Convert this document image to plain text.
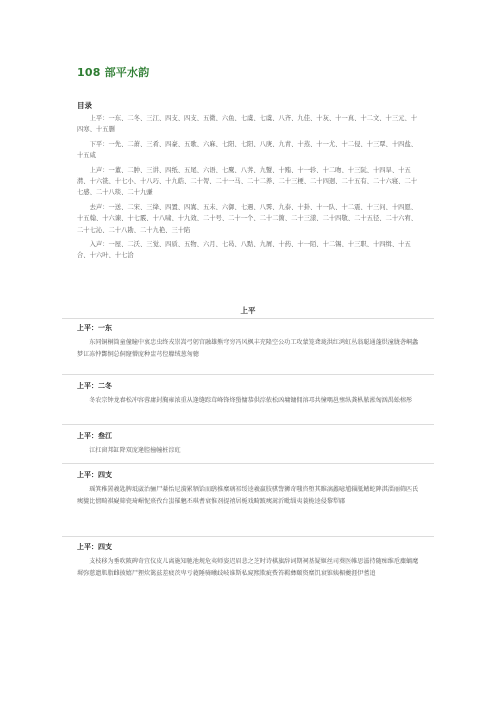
108 部平水韵
目录

上平：一东、二冬、三江、四支、四支、五微、六鱼、七虞、七虞、八齐、九佳、十灰、十一真、十二文、十三元、十四寒、十五删

下平：一先、二萧、三肴、四豪、五歌、六麻、七阳、七阳、八庚、九青、十蒸、十一尤、十二侵、十三覃、十四盐、十五咸

上声：一董、二肿、三讲、四纸、五尾、六语、七麌、八荠、九蟹、十贿、十一轸、十二吻、十三阮、十四旱、十五潸、十六铣、十七小、十八巧、十九皓、二十哿、二十一马、二十二养、二十三梗、二十四迥、二十五有、二十六寝、二十七感、二十八琰、二十九豏

去声：一送、二宋、三绛、四置、四寘、五未、六御、七遇、八霁、九泰、十卦、十一队、十二震、十三问、十四愿、十五翰、十六谏、十七霰、十八啸、十九效、二十号、二十一个、二十二箇、二十三漾、二十四敬、二十五径、二十六宥、二十七沁、二十八勘、二十九艳、三十陷

入声：一屋、二沃、三觉、四质、五物、六月、七曷、八黠、九屑、十药、十一陌、十二锡、十三职、十四缉、十五合、十六叶、十七洽

上平
上平：一东
东同铜桐筒童僮瞳中衷忠虫终戎崇嵩弓躬宫融雄熊穹穷冯风枫丰充隆空公功工攻蒙笼聋珑洪红鸿虹丛翁聪通蓬烘潼胧砻峒螽梦讧冻忡酆恫总侗窿懵庞种盅芎倥艨绒葱匆骢
上平：二冬
冬农宗钟龙舂松冲容蓉庸封胸雍浓重从逢缝踪茸峰锋烽蛩慵恭供淙侬松凶墉镛佣溶邛共憧喁邕壅纵龚枞脓淞匈汹禺蚣榕彤
上平：叁江
江扛窗邦缸降双庞逄腔撞幢桩淙豇
上平：四支
瑶箕稚罴羲匙脾坻崴治骊尸綦怡尼漪累牺饴而鸱推糜璃祁绥逵羲羸肢骐訾狮奇嗤咨堕其睢漓蠡噫馗辎胝鳍蛇陴淇淄丽筛匹氏痍貔比僖畸祺嶷筛瓷琦嵋怩熹孜台蚩罹魑丕琪耆衰惟剂提禧居栀戏畸跛痍蓠沂毗缁夷蓑桅逵侵黎犁郿
上平：四支
支枝移为垂吹陂碑奇宜仪皮儿离施知驰池规危夷师姿迟眉悲之芝时诗棋旗辞词期祠基疑姬丝司葵医帷思滋持随痴维卮麋螭麾墀弥慈遗肌脂雌披嬉尸狸炊篱兹差疲茨卑亏蕤陲骑曦歧岐谁斯私窥熙欺疵赀笞羁彝颐资糜饥衰锥姨楣夔涯伊蓍追
